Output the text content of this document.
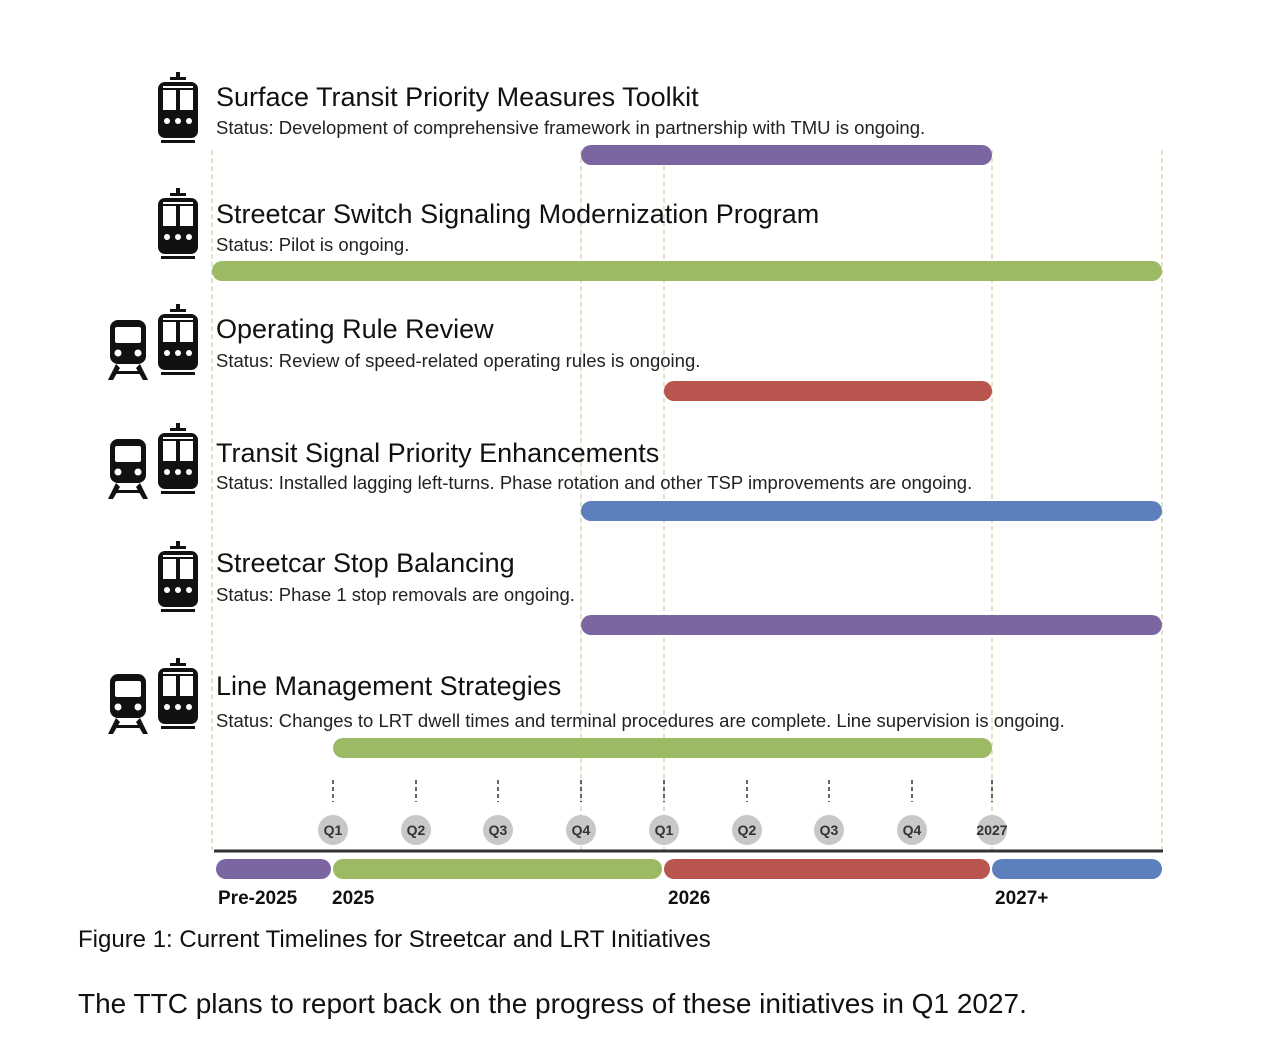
Surface Transit Priority Measures Toolkit
Status: Development of comprehensive framework in partnership with TMU is ongoing.
Streetcar Switch Signaling Modernization Program
Status: Pilot is ongoing.
Operating Rule Review
Status: Review of speed-related operating rules is ongoing.
Transit Signal Priority Enhancements
Status: Installed lagging left-turns. Phase rotation and other TSP improvements are ongoing.
Streetcar Stop Balancing
Status: Phase 1 stop removals are ongoing.
Line Management Strategies
Status: Changes to LRT dwell times and terminal procedures are complete. Line supervision is ongoing.
Q1	Q2	Q3	Q4	Q1	Q2	Q3	Q4	2027
Pre-2025 2025	2026	2027+
Figure 1: Current Timelines for Streetcar and LRT Initiatives
The TTC plans to report back on the progress of these initiatives in Q1 2027.
